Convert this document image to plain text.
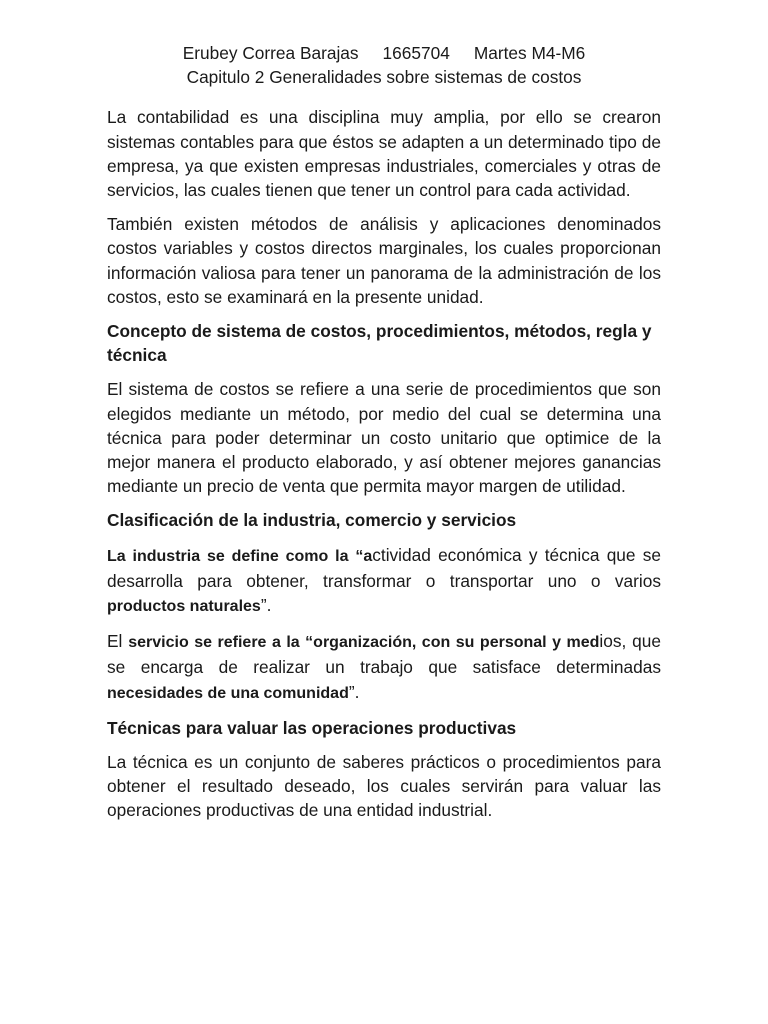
Erubey Correa Barajas     1665704     Martes M4-M6
Capitulo 2 Generalidades sobre sistemas de costos

La contabilidad es una disciplina muy amplia, por ello se crearon sistemas contables para que éstos se adapten a un determinado tipo de empresa, ya que existen empresas industriales, comerciales y otras de servicios, las cuales tienen que tener un control para cada actividad.

También existen métodos de análisis y aplicaciones denominados costos variables y costos directos marginales, los cuales proporcionan información valiosa para tener un panorama de la administración de los costos, esto se examinará en la presente unidad.

Concepto de sistema de costos, procedimientos, métodos, regla y técnica

El sistema de costos se refiere a una serie de procedimientos que son elegidos mediante un método, por medio del cual se determina una técnica para poder determinar un costo unitario que optimice de la mejor manera el producto elaborado, y así obtener mejores ganancias mediante un precio de venta que permita mayor margen de utilidad.

Clasificación de la industria, comercio y servicios

La industria se define como la “actividad económica y técnica que se desarrolla para obtener, transformar o transportar uno o varios productos naturales”.

El servicio se refiere a la “organización, con su personal y medios, que se encarga de realizar un trabajo que satisface determinadas necesidades de una comunidad”.

Técnicas para valuar las operaciones productivas

La técnica es un conjunto de saberes prácticos o procedimientos para obtener el resultado deseado, los cuales servirán para valuar las operaciones productivas de una entidad industrial.
